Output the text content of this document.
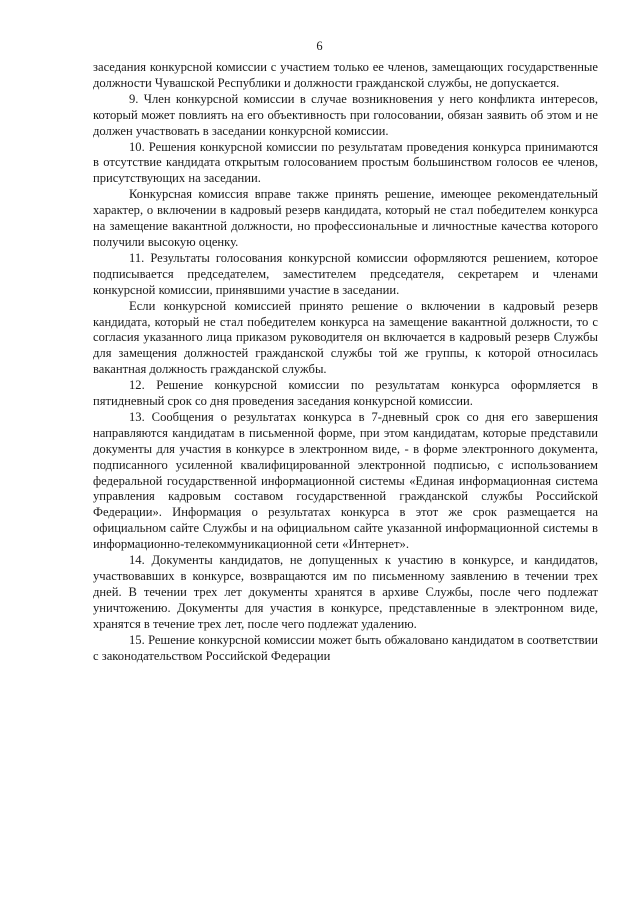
6

заседания конкурсной комиссии с участием только ее членов, замещающих государственные должности Чувашской Республики и должности гражданской службы, не допускается.

9. Член конкурсной комиссии в случае возникновения у него конфликта интересов, который может повлиять на его объективность при голосовании, обязан заявить об этом и не должен участвовать в заседании конкурсной комиссии.

10. Решения конкурсной комиссии по результатам проведения конкурса принимаются в отсутствие кандидата открытым голосованием простым большинством голосов ее членов, присутствующих на заседании.

Конкурсная комиссия вправе также принять решение, имеющее рекомендательный характер, о включении в кадровый резерв кандидата, который не стал победителем конкурса на замещение вакантной должности, но профессиональные и личностные качества которого получили высокую оценку.

11. Результаты голосования конкурсной комиссии оформляются решением, которое подписывается председателем, заместителем председателя, секретарем и членами конкурсной комиссии, принявшими участие в заседании.

Если конкурсной комиссией принято решение о включении в кадровый резерв кандидата, который не стал победителем конкурса на замещение вакантной должности, то с согласия указанного лица приказом руководителя он включается в кадровый резерв Службы для замещения должностей гражданской службы той же группы, к которой относилась вакантная должность гражданской службы.

12. Решение конкурсной комиссии по результатам конкурса оформляется в пятидневный срок со дня проведения заседания конкурсной комиссии.

13. Сообщения о результатах конкурса в 7-дневный срок со дня его завершения направляются кандидатам в письменной форме, при этом кандидатам, которые представили документы для участия в конкурсе в электронном виде, - в форме электронного документа, подписанного усиленной квалифицированной электронной подписью, с использованием федеральной государственной информационной системы «Единая информационная система управления кадровым составом государственной гражданской службы Российской Федерации». Информация о результатах конкурса в этот же срок размещается на официальном сайте Службы и на официальном сайте указанной информационной системы в информационно-телекоммуникационной сети «Интернет».

14. Документы кандидатов, не допущенных к участию в конкурсе, и кандидатов, участвовавших в конкурсе, возвращаются им по письменному заявлению в течении трех дней. В течении трех лет документы хранятся в архиве Службы, после чего подлежат уничтожению. Документы для участия в конкурсе, представленные в электронном виде, хранятся в течение трех лет, после чего подлежат удалению.

15. Решение конкурсной комиссии может быть обжаловано кандидатом в соответствии с законодательством Российской Федерации
